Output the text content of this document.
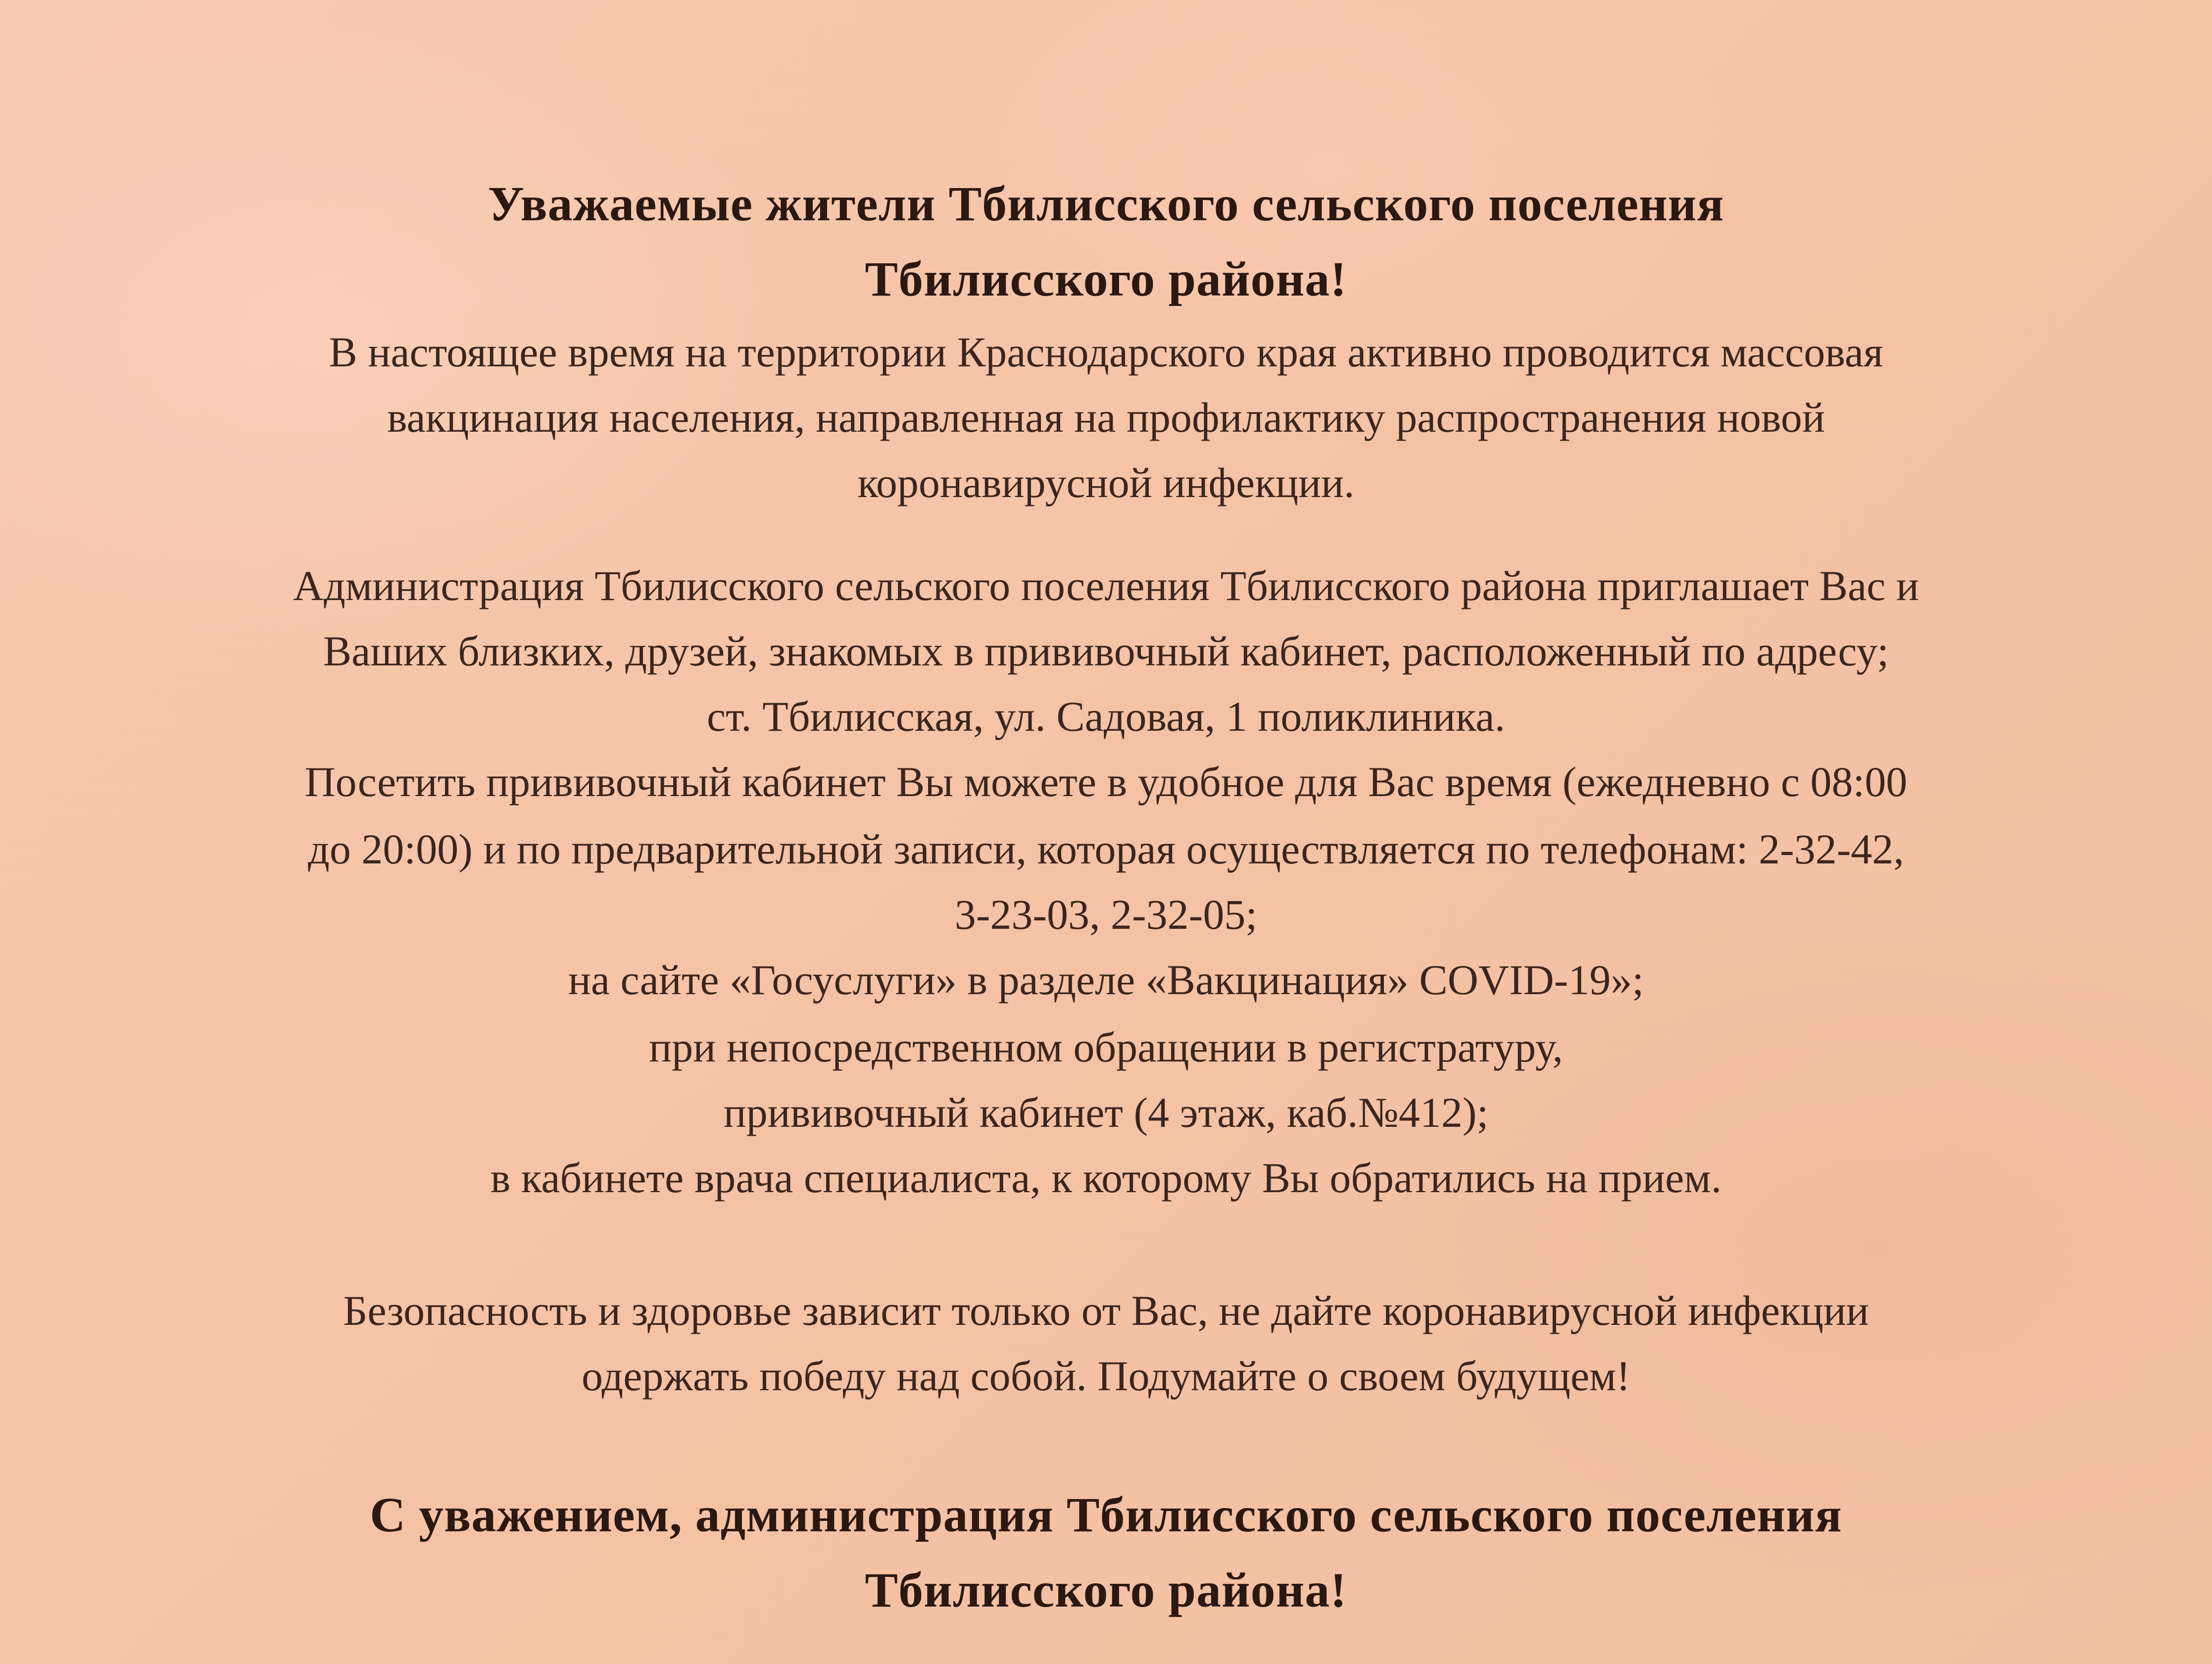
Уважаемые жители Тбилисского сельского поселения
Тбилисского района!
В настоящее время на территории Краснодарского края активно проводится массовая
вакцинация населения, направленная на профилактику распространения новой
коронавирусной инфекции.
Администрация Тбилисского сельского поселения Тбилисского района приглашает Вас и
Ваших близких, друзей, знакомых в прививочный кабинет, расположенный по адресу;
ст. Тбилисская, ул. Садовая, 1 поликлиника.
Посетить прививочный кабинет Вы можете в удобное для Вас время (ежедневно с 08:00
до 20:00) и по предварительной записи, которая осуществляется по телефонам: 2-32-42,
3-23-03, 2-32-05;
на сайте «Госуслуги» в разделе «Вакцинация» COVID-19»;
при непосредственном обращении в регистратуру,
прививочный кабинет (4 этаж, каб.№412);
в кабинете врача специалиста, к которому Вы обратились на прием.
Безопасность и здоровье зависит только от Вас, не дайте коронавирусной инфекции
одержать победу над собой. Подумайте о своем будущем!
С уважением, администрация Тбилисского сельского поселения
Тбилисского района!
